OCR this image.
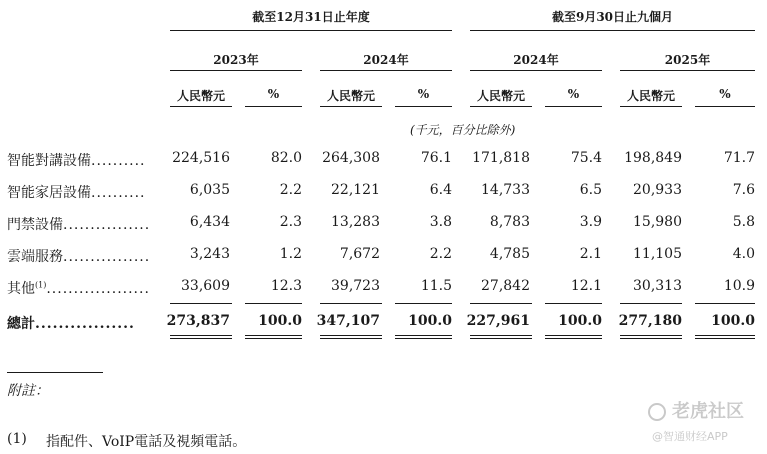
截至12月31日止年度	截至9月30日止九個月
2023年	2024年	2024年	2025年
人民幣元	%	人民幣元	%	人民幣元	%	人民幣元	%
(千元，百分比除外)
智能對講設備..........	224,516	82.0	264,308	76.1	171,818	75.4	198,849	71.7
智能家居設備..........	6,035	2.2	22,121	6.4	14,733	6.5	20,933	7.6
門禁設備................	6,434	2.3	13,283	3.8	8,783	3.9	15,980	5.8
雲端服務................	3,243	1.2	7,672	2.2	4,785	2.1	11,105	4.0
其他$^{(1)}$...................	33,609	12.3	39,723	11.5	27,842	12.1	30,313	10.9
總計.................	273,837	100.0	347,107	100.0	227,961	100.0	277,180	100.0
附註：
(1) 指配件、VoIP電話及視頻電話。
老虎社区
@智通财经APP
